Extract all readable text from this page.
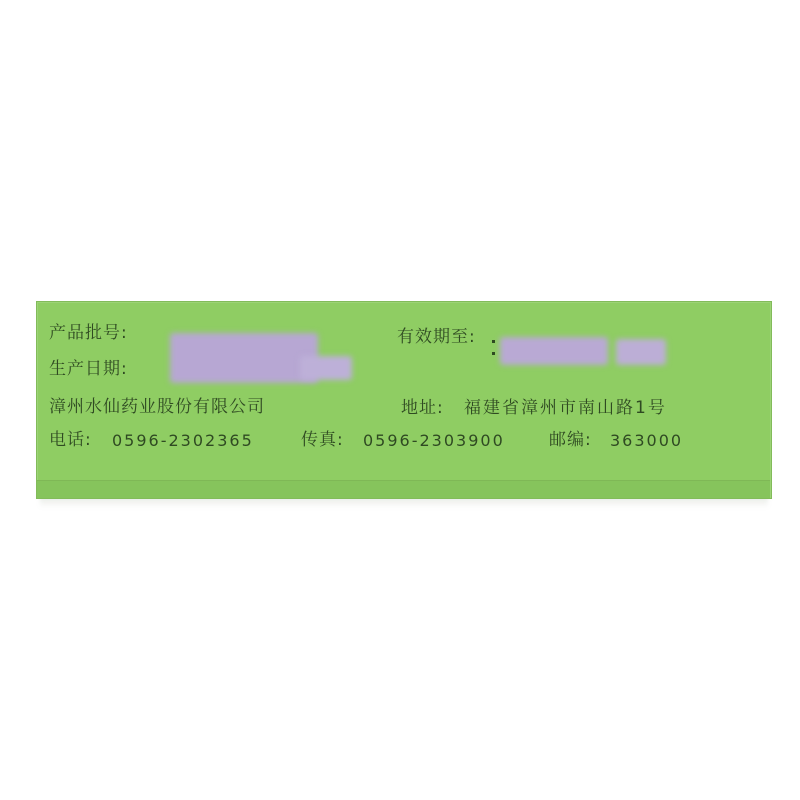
产品批号:	有效期至:
生产日期:
漳州水仙药业股份有限公司	地址: 福建省漳州市南山路1号
电话: 0596-2302365	传真: 0596-2303900	邮编: 363000
